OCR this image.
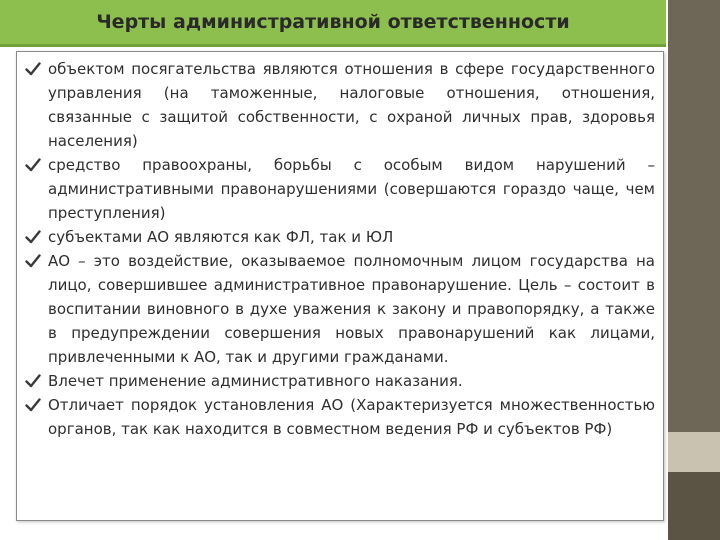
Черты административной ответственности
объектом посягательства являются отношения в сфере государственного управления (на таможенные, налоговые отношения, отношения, связанные с защитой собственности, с охраной личных прав, здоровья населения)
средство правоохраны, борьбы с особым видом нарушений – административными правонарушениями (совершаются гораздо чаще, чем преступления)
субъектами АО являются как ФЛ, так и ЮЛ
АО – это воздействие, оказываемое полномочным лицом государства на лицо, совершившее административное правонарушение. Цель – состоит в воспитании виновного в духе уважения к закону и правопорядку, а также в предупреждении совершения новых правонарушений как лицами, привлеченными к АО, так и другими гражданами.
Влечет применение административного наказания.
Отличает порядок установления АО (Характеризуется множественностью органов, так как находится в совместном ведения РФ и субъектов РФ)
